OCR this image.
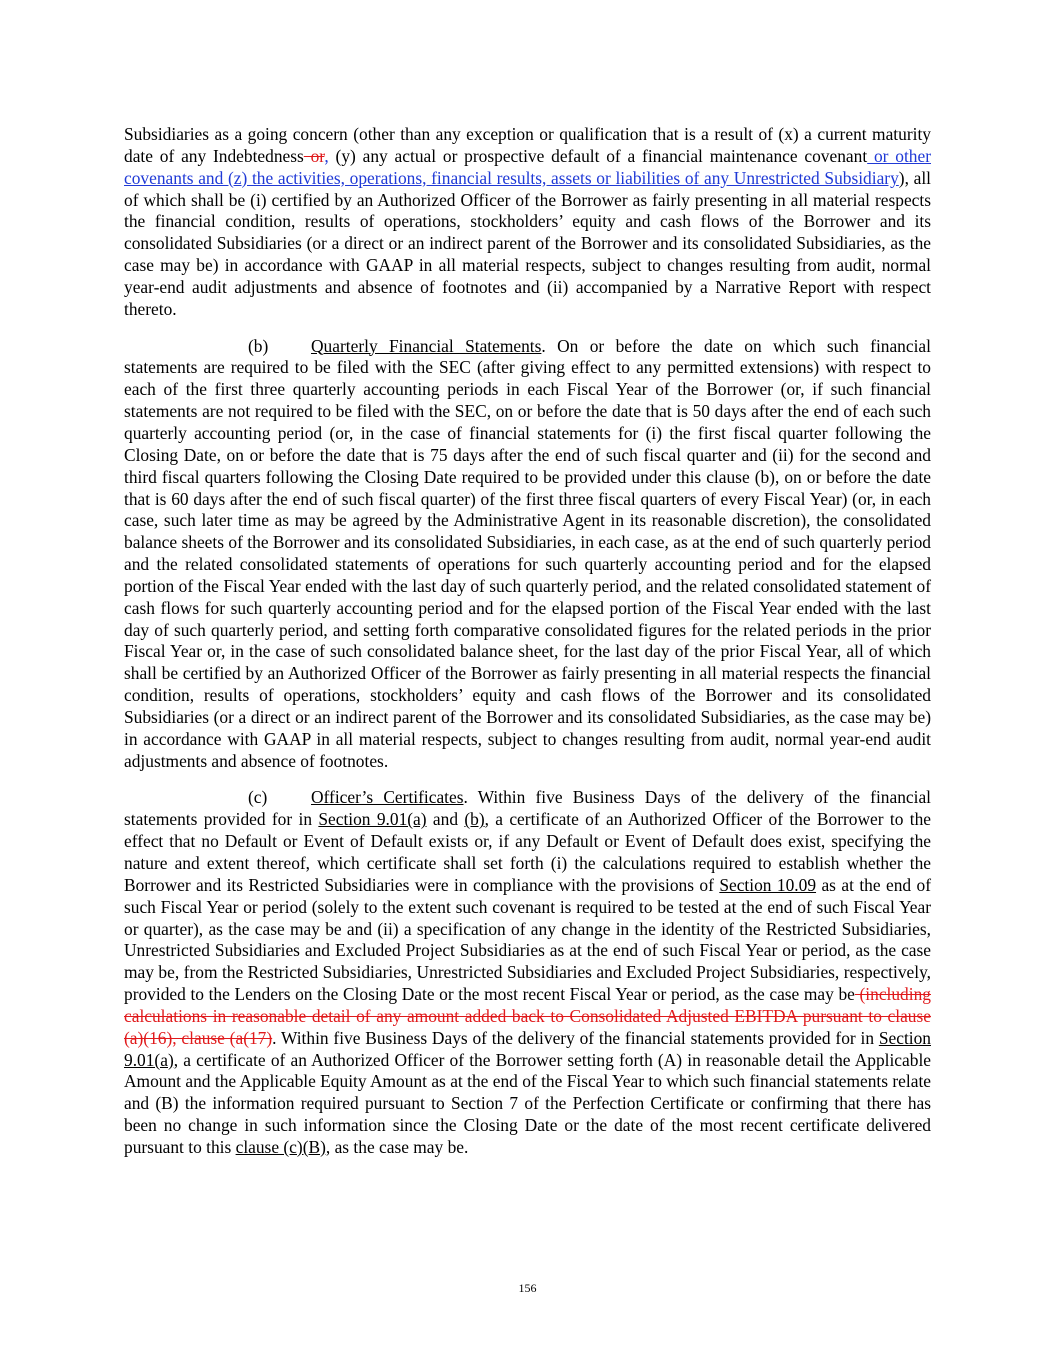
Subsidiaries as a going concern (other than any exception or qualification that is a result of (x) a current maturity date of any Indebtedness or, (y) any actual or prospective default of a financial maintenance covenant or other covenants and (z) the activities, operations, financial results, assets or liabilities of any Unrestricted Subsidiary), all of which shall be (i) certified by an Authorized Officer of the Borrower as fairly presenting in all material respects the financial condition, results of operations, stockholders’ equity and cash flows of the Borrower and its consolidated Subsidiaries (or a direct or an indirect parent of the Borrower and its consolidated Subsidiaries, as the case may be) in accordance with GAAP in all material respects, subject to changes resulting from audit, normal year-end audit adjustments and absence of footnotes and (ii) accompanied by a Narrative Report with respect thereto.

(b) Quarterly Financial Statements. On or before the date on which such financial statements are required to be filed with the SEC (after giving effect to any permitted extensions) with respect to each of the first three quarterly accounting periods in each Fiscal Year of the Borrower (or, if such financial statements are not required to be filed with the SEC, on or before the date that is 50 days after the end of each such quarterly accounting period (or, in the case of financial statements for (i) the first fiscal quarter following the Closing Date, on or before the date that is 75 days after the end of such fiscal quarter and (ii) for the second and third fiscal quarters following the Closing Date required to be provided under this clause (b), on or before the date that is 60 days after the end of such fiscal quarter) of the first three fiscal quarters of every Fiscal Year) (or, in each case, such later time as may be agreed by the Administrative Agent in its reasonable discretion), the consolidated balance sheets of the Borrower and its consolidated Subsidiaries, in each case, as at the end of such quarterly period and the related consolidated statements of operations for such quarterly accounting period and for the elapsed portion of the Fiscal Year ended with the last day of such quarterly period, and the related consolidated statement of cash flows for such quarterly accounting period and for the elapsed portion of the Fiscal Year ended with the last day of such quarterly period, and setting forth comparative consolidated figures for the related periods in the prior Fiscal Year or, in the case of such consolidated balance sheet, for the last day of the prior Fiscal Year, all of which shall be certified by an Authorized Officer of the Borrower as fairly presenting in all material respects the financial condition, results of operations, stockholders’ equity and cash flows of the Borrower and its consolidated Subsidiaries (or a direct or an indirect parent of the Borrower and its consolidated Subsidiaries, as the case may be) in accordance with GAAP in all material respects, subject to changes resulting from audit, normal year-end audit adjustments and absence of footnotes.

(c)	Officer’s Certificates. Within five Business Days of the delivery of the financial statements provided for in Section 9.01(a) and (b), a certificate of an Authorized Officer of the Borrower to the effect that no Default or Event of Default exists or, if any Default or Event of Default does exist, specifying the nature and extent thereof, which certificate shall set forth (i) the calculations required to establish whether the Borrower and its Restricted Subsidiaries were in compliance with the provisions of Section 10.09 as at the end of such Fiscal Year or period (solely to the extent such covenant is required to be tested at the end of such Fiscal Year or quarter), as the case may be and (ii) a specification of any change in the identity of the Restricted Subsidiaries, Unrestricted Subsidiaries and Excluded Project Subsidiaries as at the end of such Fiscal Year or period, as the case may be, from the Restricted Subsidiaries, Unrestricted Subsidiaries and Excluded Project Subsidiaries, respectively, provided to the Lenders on the Closing Date or the most recent Fiscal Year or period, as the case may be (including calculations in reasonable detail of any amount added back to Consolidated Adjusted EBITDA pursuant to clause (a)(16), clause (a(17). Within five Business Days of the delivery of the financial statements provided for in Section 9.01(a), a certificate of an Authorized Officer of the Borrower setting forth (A) in reasonable detail the Applicable Amount and the Applicable Equity Amount as at the end of the Fiscal Year to which such financial statements relate and (B) the information required pursuant to Section 7 of the Perfection Certificate or confirming that there has been no change in such information since the Closing Date or the date of the most recent certificate delivered pursuant to this clause (c)(B), as the case may be.

156
